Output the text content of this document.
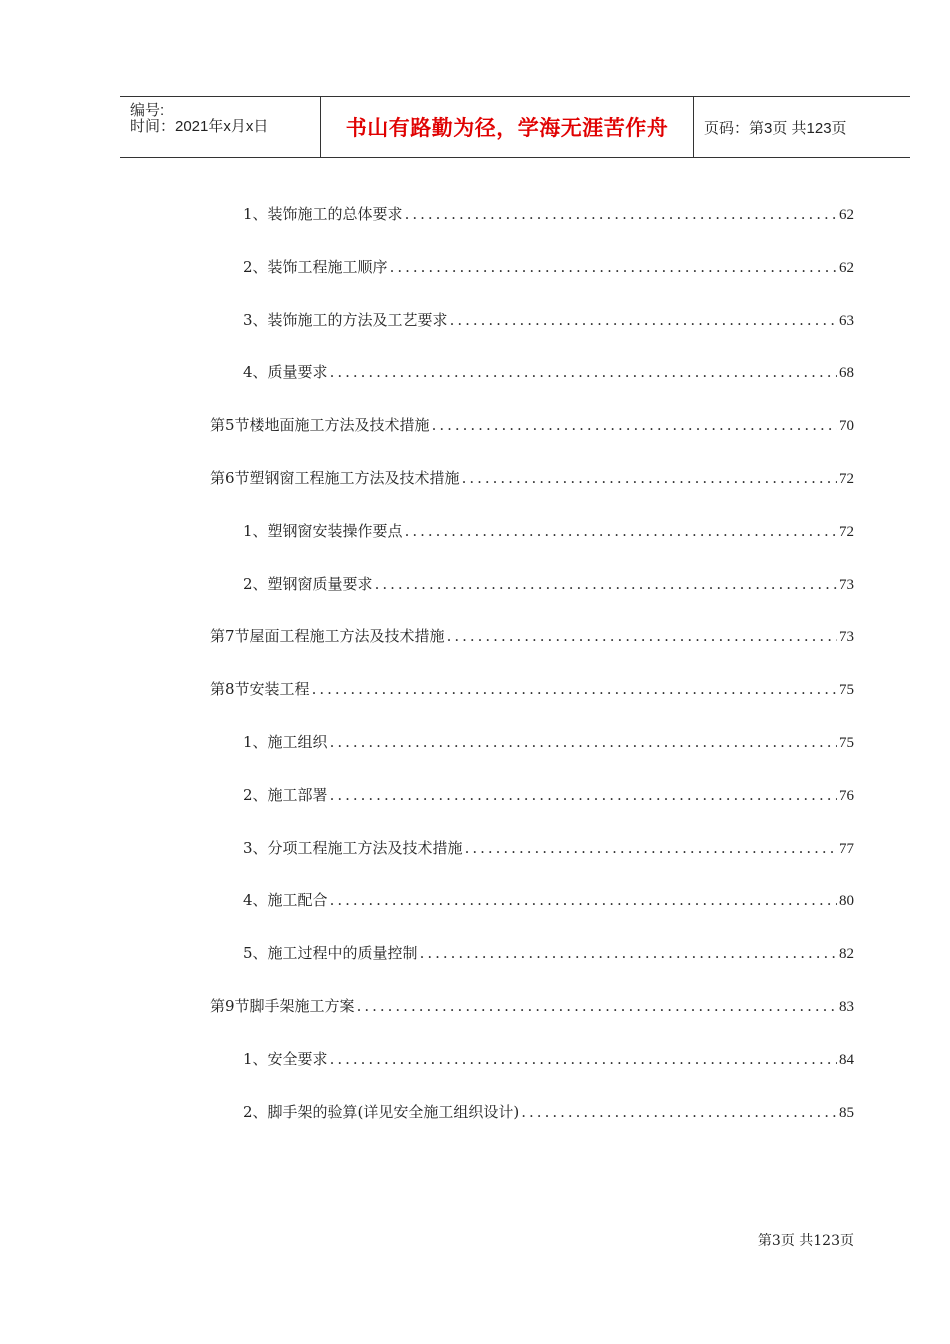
编号:
时间：2021年x月x日	书山有路勤为径，学海无涯苦作舟	页码：第3页 共123页
1、 装饰施工的总体要求 .....	62
2、 装饰工程施工顺序 .....	62
3、 装饰施工的方法及工艺要求 .....	63
4、 质量要求 .....	68
第5节 楼地面施工方法及技术措施 .....	70
第6节 塑钢窗工程施工方法及技术措施 .....	72
1、 塑钢窗安装操作要点 .....	72
2、 塑钢窗质量要求 .....	73
第7节 屋面工程施工方法及技术措施 .....	73
第8节 安装工程 .....	75
1、 施工组织 .....	75
2、 施工部署 .....	76
3、 分项工程施工方法及技术措施 .....	77
4、 施工配合 .....	80
5、 施工过程中的质量控制 .....	82
第9节 脚手架施工方案 .....	83
1、 安全要求 .....	84
2、 脚手架的验算(详见安全施工组织设计) .....	85
第3页 共123页
